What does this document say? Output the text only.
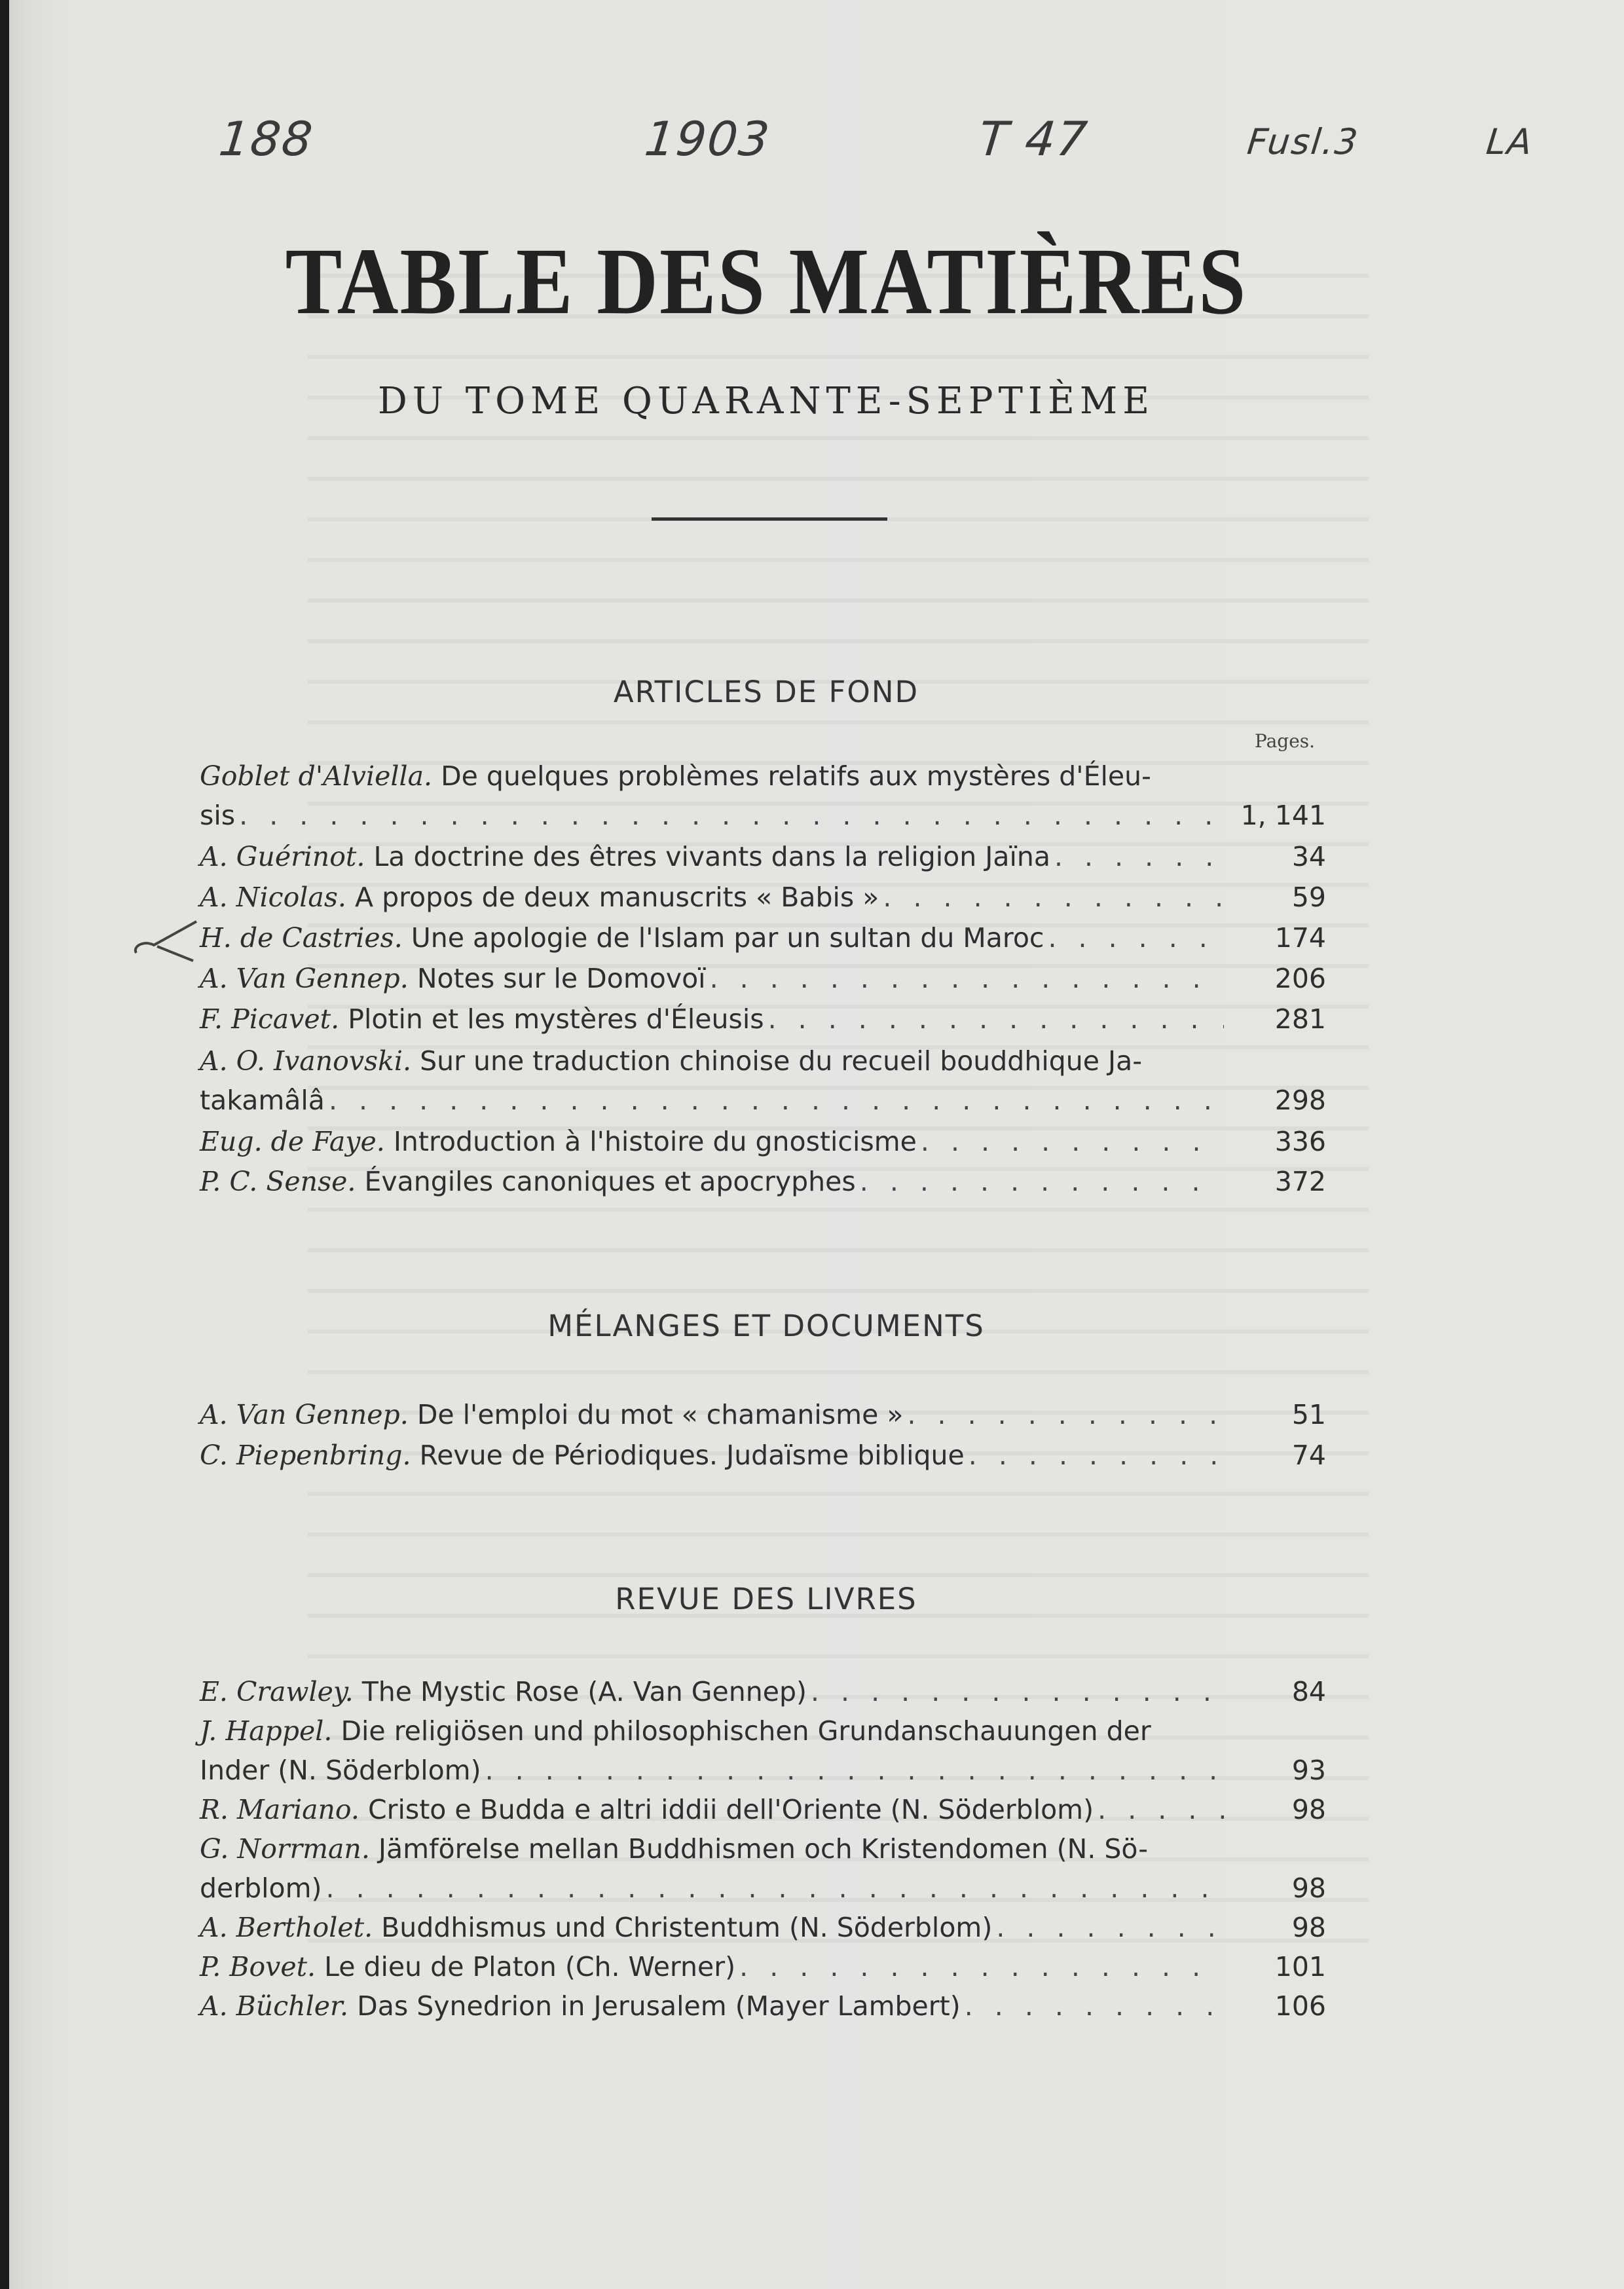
188	1903	T 47	Fusl.3	LA
TABLE DES MATIÈRES
DU TOME QUARANTE-SEPTIÈME
ARTICLES DE FOND
Pages.
Goblet d'Alviella. De quelques problèmes relatifs aux mystères d'Éleu-
sis . . .	1, 141
A. Guérinot. La doctrine des êtres vivants dans la religion Jaïna . . .	34
A. Nicolas. A propos de deux manuscrits « Babis » . . .	59
H. de Castries. Une apologie de l'Islam par un sultan du Maroc . . .	174
A. Van Gennep. Notes sur le Domovoï . . .	206
F. Picavet. Plotin et les mystères d'Éleusis . . .	281
A. O. Ivanovski. Sur une traduction chinoise du recueil bouddhique Ja-
takamâlâ . . .	298
Eug. de Faye. Introduction à l'histoire du gnosticisme . . .	336
P. C. Sense. Évangiles canoniques et apocryphes . . .	372
MÉLANGES ET DOCUMENTS
A. Van Gennep. De l'emploi du mot « chamanisme » . . .	51
C. Piepenbring. Revue de Périodiques. Judaïsme biblique . . .	74
REVUE DES LIVRES
E. Crawley. The Mystic Rose (A. Van Gennep) . . .	84
J. Happel. Die religiösen und philosophischen Grundanschauungen der
Inder (N. Söderblom) . . .	93
R. Mariano. Cristo e Budda e altri iddii dell'Oriente (N. Söderblom) . . .	98
G. Norrman. Jämförelse mellan Buddhismen och Kristendomen (N. Sö-
derblom) . . .	98
A. Bertholet. Buddhismus und Christentum (N. Söderblom) . . .	98
P. Bovet. Le dieu de Platon (Ch. Werner) . . .	101
A. Büchler. Das Synedrion in Jerusalem (Mayer Lambert) . . .	106
